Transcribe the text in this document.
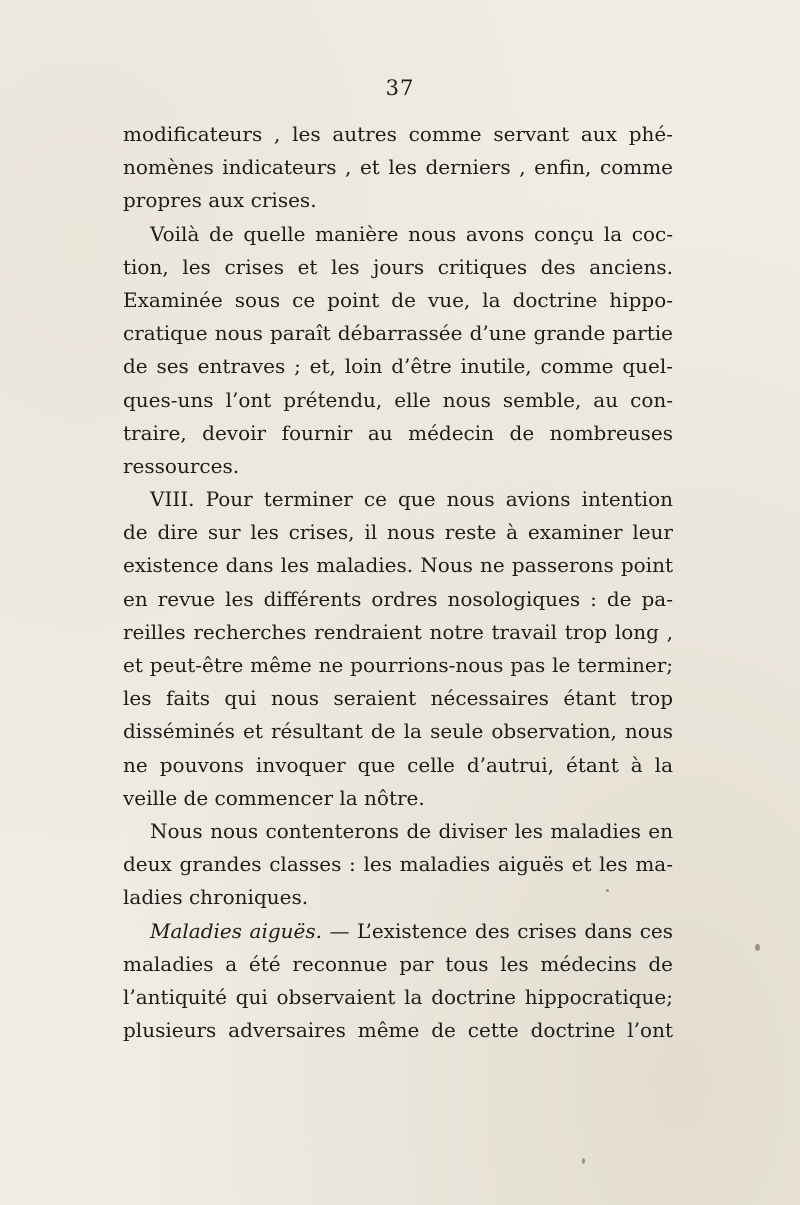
37
modificateurs , les autres comme servant aux phé-
nomènes indicateurs , et les derniers , enfin, comme
propres aux crises.
Voilà de quelle manière nous avons conçu la coc-
tion, les crises et les jours critiques des anciens.
Examinée sous ce point de vue, la doctrine hippo-
cratique nous paraît débarrassée d’une grande partie
de ses entraves ; et, loin d’être inutile, comme quel-
ques-uns l’ont prétendu, elle nous semble, au con-
traire, devoir fournir au médecin de nombreuses
ressources.
VIII. Pour terminer ce que nous avions intention
de dire sur les crises, il nous reste à examiner leur
existence dans les maladies. Nous ne passerons point
en revue les différents ordres nosologiques : de pa-
reilles recherches rendraient notre travail trop long ,
et peut-être même ne pourrions-nous pas le terminer;
les faits qui nous seraient nécessaires étant trop
disséminés et résultant de la seule observation, nous
ne pouvons invoquer que celle d’autrui, étant à la
veille de commencer la nôtre.
Nous nous contenterons de diviser les maladies en
deux grandes classes : les maladies aiguës et les ma-
ladies chroniques.
Maladies aiguës. — L’existence des crises dans ces
maladies a été reconnue par tous les médecins de
l’antiquité qui observaient la doctrine hippocratique;
plusieurs adversaires même de cette doctrine l’ont
